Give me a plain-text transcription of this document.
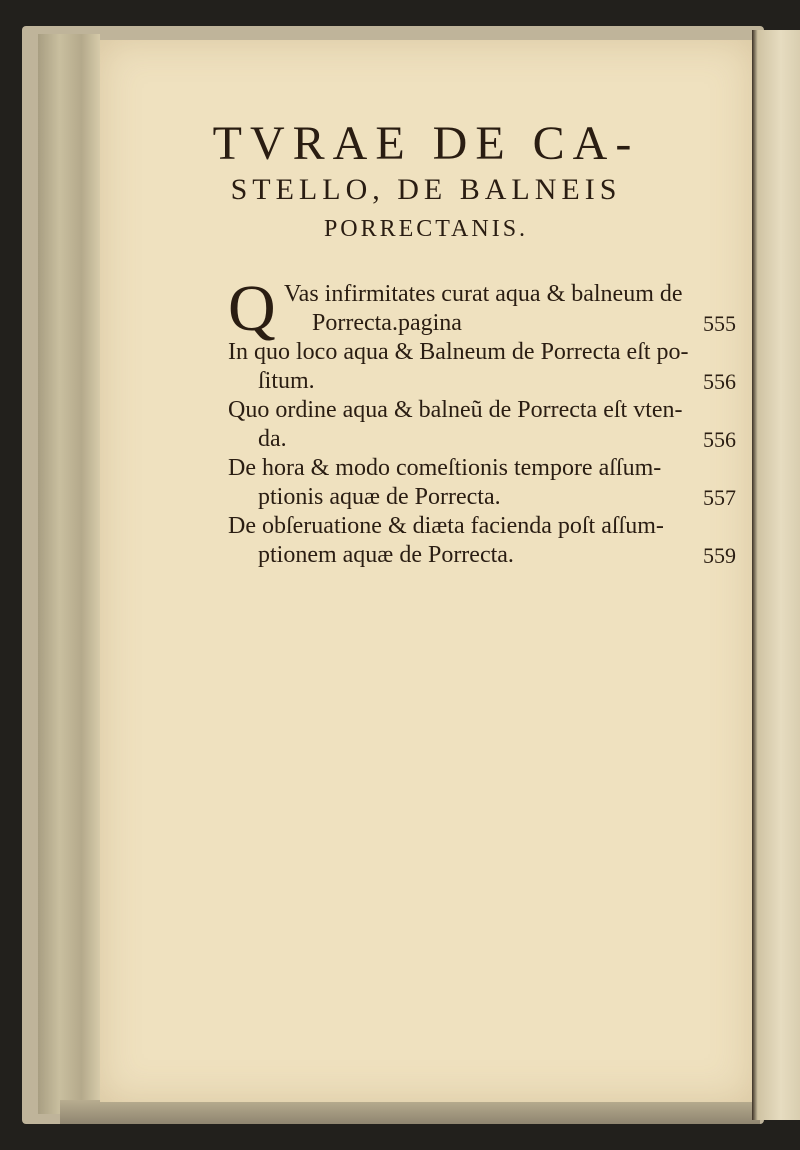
TVRAE DE CA-
STELLO, DE BALNEIS
PORRECTANIS.
Q Vas infirmitates curat aqua & balneum de
Porrecta.pagina	555
In quo loco aqua & Balneum de Porrecta eſt po-
ſitum.	556
Quo ordine aqua & balneũ de Porrecta eſt vten-
da.	556
De hora & modo comeſtionis tempore aſſum-
ptionis aquæ de Porrecta.	557
De obſeruatione & diæta facienda poſt aſſum-
ptionem aquæ de Porrecta.	559
